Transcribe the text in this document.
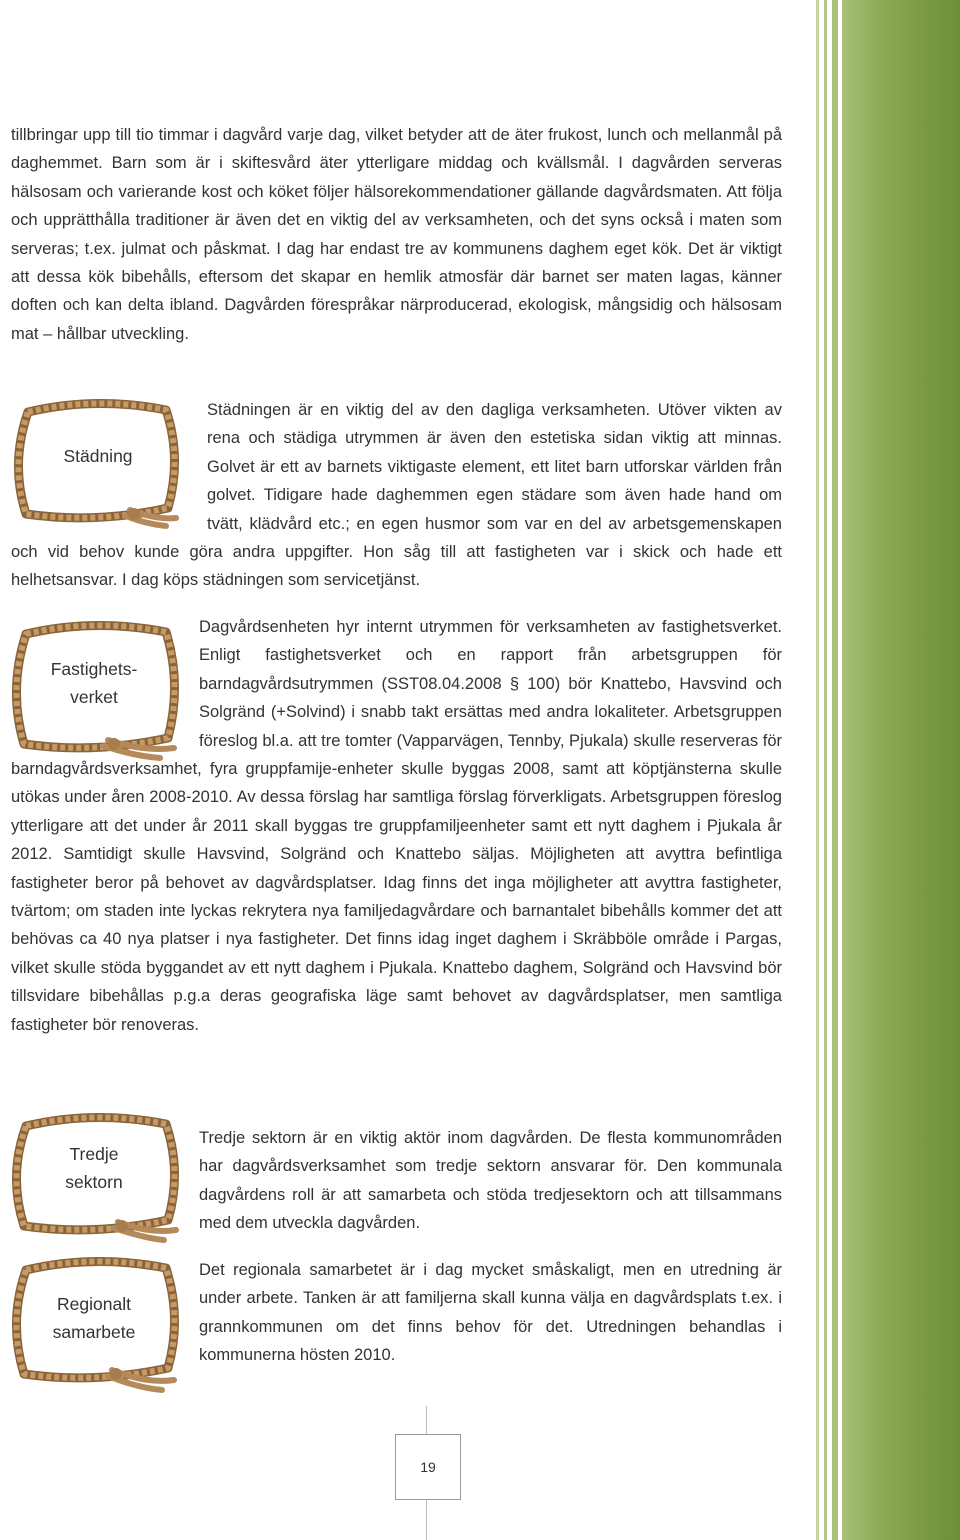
tillbringar upp till tio timmar i dagvård varje dag, vilket betyder att de äter frukost, lunch och mellanmål på daghemmet. Barn som är i skiftesvård äter ytterligare middag och kvällsmål. I dagvården serveras hälsosam och varierande kost och köket följer hälsorekommendationer gällande dagvårdsmaten. Att följa och upprätthålla traditioner är även det en viktig del av verksamheten, och det syns också i maten som serveras; t.ex. julmat och påskmat. I dag har endast tre av kommunens daghem eget kök. Det är viktigt att dessa kök bibehålls, eftersom det skapar en hemlik atmosfär där barnet ser maten lagas, känner doften och kan delta ibland. Dagvården förespråkar närproducerad, ekologisk, mångsidig och hälsosam mat – hållbar utveckling.

Städning

Städningen är en viktig del av den dagliga verksamheten. Utöver vikten av rena och städiga utrymmen är även den estetiska sidan viktig att minnas. Golvet är ett av barnets viktigaste element, ett litet barn utforskar världen från golvet. Tidigare hade daghemmen egen städare som även hade hand om tvätt, klädvård etc.; en egen husmor som var en del av arbetsgemenskapen och vid behov kunde göra andra uppgifter. Hon såg till att fastigheten var i skick och hade ett helhetsansvar. I dag köps städningen som servicetjänst.

Fastighets-
verket

Dagvårdsenheten hyr internt utrymmen för verksamheten av fastighetsverket. Enligt fastighetsverket och en rapport från arbetsgruppen för barndagvårdsutrymmen (SST08.04.2008 § 100) bör Knattebo, Havsvind och Solgränd (+Solvind) i snabb takt ersättas med andra lokaliteter. Arbetsgruppen föreslog bl.a. att tre tomter (Vapparvägen, Tennby, Pjukala) skulle reserveras för barndagvårdsverksamhet, fyra gruppfamije-enheter skulle byggas 2008, samt att köptjänsterna skulle utökas under åren 2008-2010. Av dessa förslag har samtliga förslag förverkligats. Arbetsgruppen föreslog ytterligare att det under år 2011 skall byggas tre gruppfamiljeenheter samt ett nytt daghem i Pjukala år 2012. Samtidigt skulle Havsvind, Solgränd och Knattebo säljas. Möjligheten att avyttra befintliga fastigheter beror på behovet av dagvårdsplatser. Idag finns det inga möjligheter att avyttra fastigheter, tvärtom; om staden inte lyckas rekrytera nya familjedagvårdare och barnantalet bibehålls kommer det att behövas ca 40 nya platser i nya fastigheter. Det finns idag inget daghem i Skräbböle område i Pargas, vilket skulle stöda byggandet av ett nytt daghem i Pjukala. Knattebo daghem, Solgränd och Havsvind bör tillsvidare bibehållas p.g.a deras geografiska läge samt behovet av dagvårdsplatser, men samtliga fastigheter bör renoveras.

Tredje
sektorn

Tredje sektorn är en viktig aktör inom dagvården. De flesta kommunområden har dagvårdsverksamhet som tredje sektorn ansvarar för. Den kommunala dagvårdens roll är att samarbeta och stöda tredjesektorn och att tillsammans med dem utveckla dagvården.

Regionalt
samarbete

Det regionala samarbetet är i dag mycket småskaligt, men en utredning är under arbete. Tanken är att familjerna skall kunna välja en dagvårdsplats t.ex. i grannkommunen om det finns behov för det. Utredningen behandlas i kommunerna hösten 2010.

19
